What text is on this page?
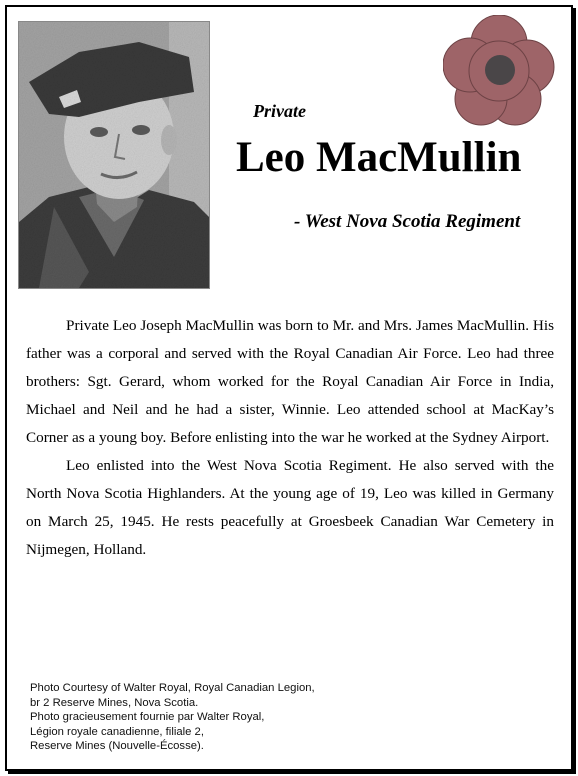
Private

Leo MacMullin

- West Nova Scotia Regiment

Private Leo Joseph MacMullin was born to Mr. and Mrs. James MacMullin. His father was a corporal and served with the Royal Canadian Air Force. Leo had three brothers: Sgt. Gerard, whom worked for the Royal Canadian Air Force in India, Michael and Neil and he had a sister, Winnie. Leo attended school at MacKay’s Corner as a young boy. Before enlisting into the war he worked at the Sydney Airport.

Leo enlisted into the West Nova Scotia Regiment. He also served with the North Nova Scotia Highlanders. At the young age of 19, Leo was killed in Germany on March 25, 1945. He rests peacefully at Groesbeek Canadian War Cemetery in Nijmegen, Holland.

Photo Courtesy of Walter Royal, Royal Canadian Legion,
br 2 Reserve Mines, Nova Scotia.
Photo gracieusement fournie par Walter Royal,
Légion royale canadienne, filiale 2,
Reserve Mines (Nouvelle-Écosse).
